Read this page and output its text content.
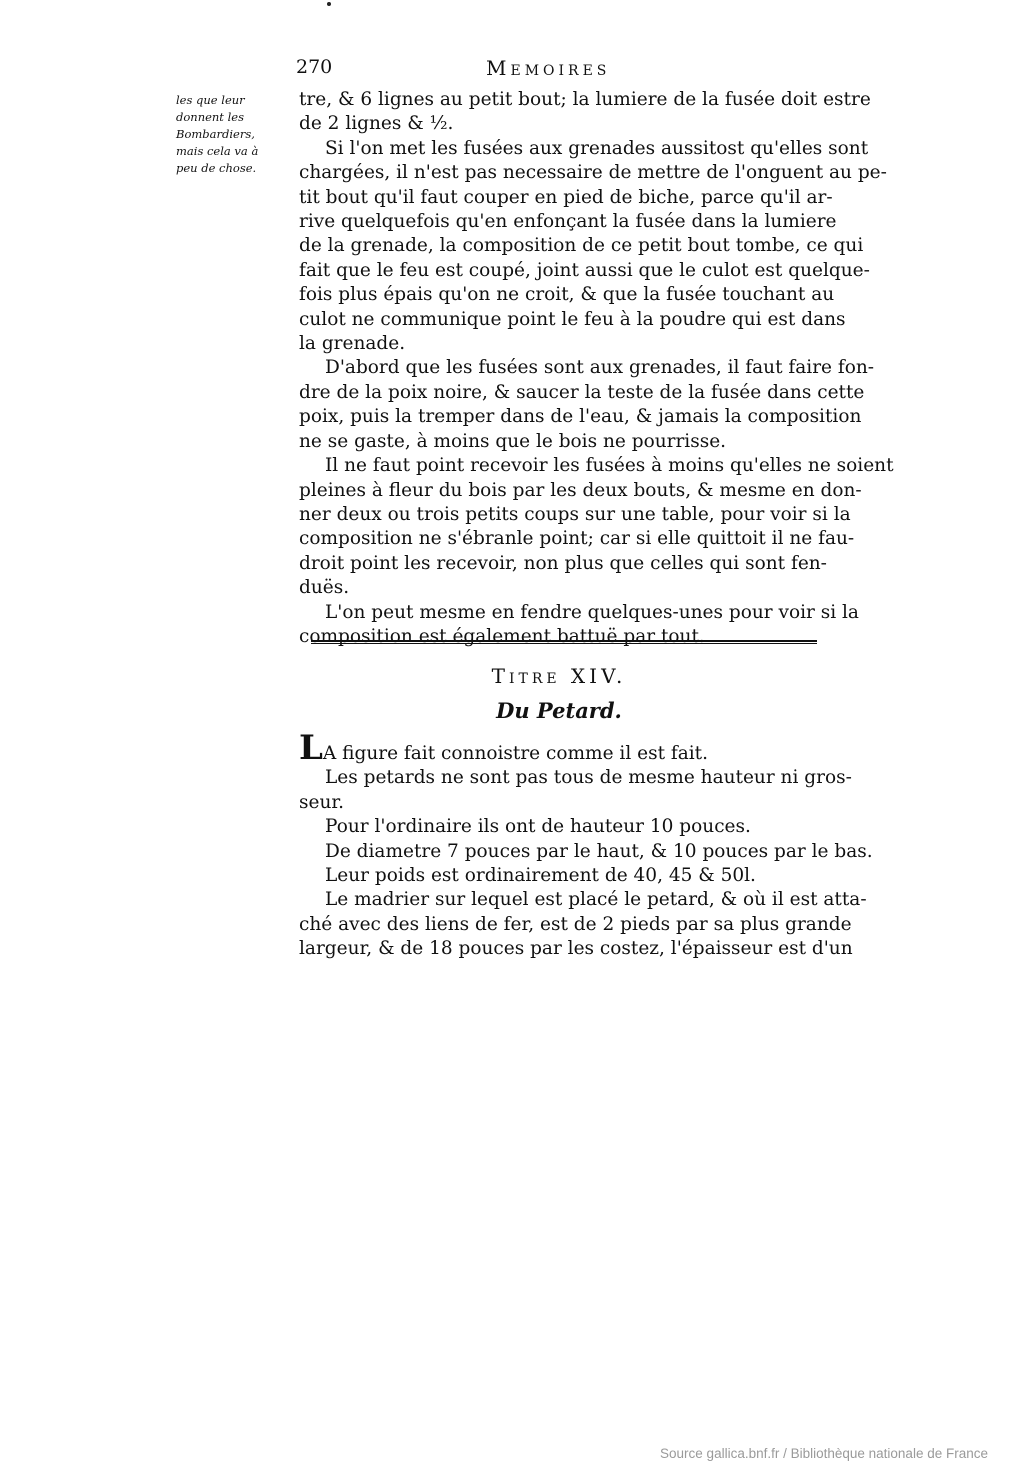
270	Memoires
les que leur
donnent les
Bombardiers,
mais cela va à
peu de chose.
tre, & 6 lignes au petit bout; la lumiere de la fusée doit estre
de 2 lignes & ½.
Si l'on met les fusées aux grenades aussitost qu'elles sont
chargées, il n'est pas necessaire de mettre de l'onguent au pe-
tit bout qu'il faut couper en pied de biche, parce qu'il ar-
rive quelquefois qu'en enfonçant la fusée dans la lumiere
de la grenade, la composition de ce petit bout tombe, ce qui
fait que le feu est coupé, joint aussi que le culot est quelque-
fois plus épais qu'on ne croit, & que la fusée touchant au
culot ne communique point le feu à la poudre qui est dans
la grenade.
D'abord que les fusées sont aux grenades, il faut faire fon-
dre de la poix noire, & saucer la teste de la fusée dans cette
poix, puis la tremper dans de l'eau, & jamais la composition
ne se gaste, à moins que le bois ne pourrisse.
Il ne faut point recevoir les fusées à moins qu'elles ne soient
pleines à fleur du bois par les deux bouts, & mesme en don-
ner deux ou trois petits coups sur une table, pour voir si la
composition ne s'ébranle point; car si elle quittoit il ne fau-
droit point les recevoir, non plus que celles qui sont fen-
duës.
L'on peut mesme en fendre quelques-unes pour voir si la
composition est également battuë par tout.
Titre XIV.
Du Petard.
LA figure fait connoistre comme il est fait.
Les petards ne sont pas tous de mesme hauteur ni gros-
seur.
Pour l'ordinaire ils ont de hauteur 10 pouces.
De diametre 7 pouces par le haut, & 10 pouces par le bas.
Leur poids est ordinairement de 40, 45 & 50l.
Le madrier sur lequel est placé le petard, & où il est atta-
ché avec des liens de fer, est de 2 pieds par sa plus grande
largeur, & de 18 pouces par les costez, l'épaisseur est d'un
Source gallica.bnf.fr / Bibliothèque nationale de France
